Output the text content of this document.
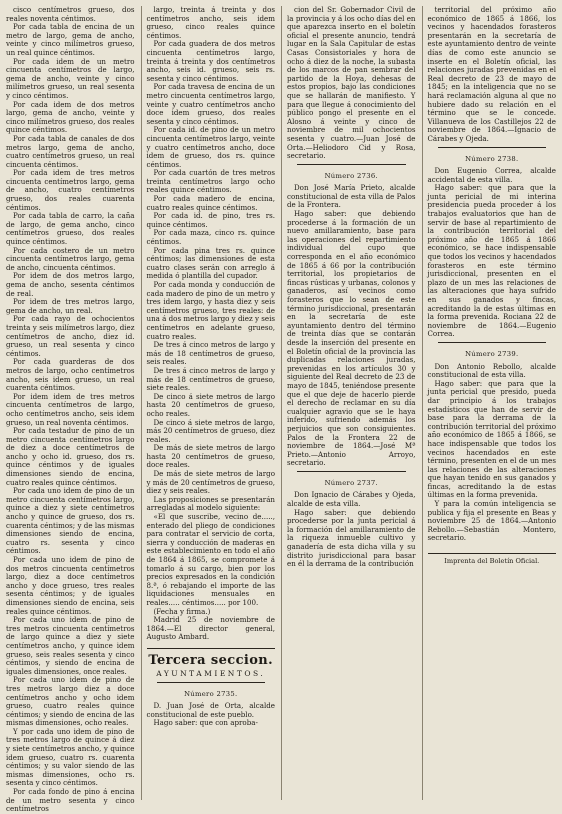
cisco centímetros grueso, dos reales noventa céntimos.

Por cada tabla de encina de un metro de largo, gema de ancho, veinte y cinco milímetros grueso, un real quince céntimos.

Por cada idem de un metro cincuenta centímetros de largo, gema de ancho, veinte y cinco milímetros grueso, un real sesenta y cinco céntimos.

Por cada idem de dos metros largo, gema de ancho, veinte y cinco milímetros grueso, dos reales quince céntimos.

Por cada tabla de canales de dos metros largo, gema de ancho, cuatro centímetros grueso, un real cincuenta céntimos.

Por cada idem de tres metros cincuenta centímetros largo, gema de ancho, cuatro centímetros grueso, dos reales cuarenta céntimos.

Por cada tabla de carro, la caña de largo, de gema ancho, cinco centímetros grueso, dos reales quince céntimos.

Por cada costero de un metro cincuenta centímetros largo, gema de ancho, cincuenta céntimos.

Por idem de dos metros largo, gema de ancho, sesenta céntimos de real.

Por idem de tres metros largo, gema de ancho, un real.

Por cada rayo de ochocientos treinta y seis milímetros largo, diez centímetros de ancho, diez id. grueso, un real sesenta y cinco céntimos.

Por cada guarderas de dos metros de largo, ocho centímetros ancho, seis idem grueso, un real cuarenta céntimos.

Por idem idem de tres metros cincuenta centímetros de largo, ocho centímetros ancho, seis idem grueso, un real noventa céntimos.

Por cada testadur de pino de un metro cincuenta centímetros largo de diez a doce centímetros de ancho y ocho id. grueso, dos rs. quince céntimos y de iguales dimensiones siendo de encina, cuatro reales quince céntimos.

Por cada uno idem de pino de un metro cincuenta centímetros largo, quince a diez y siete centímetros ancho y quince de grueso, dos rs. cuarenta céntimos; y de las mismas dimensiones siendo de encina, cuatro rs. sesenta y cinco céntimos.

Por cada uno idem de pino de dos metros cincuenta centímetros largo, diez a doce centímetros ancho y doce grueso, tres reales sesenta céntimos; y de iguales dimensiones siendo de encina, seis reales quince céntimos.

Por cada uno idem de pino de tres metros cincuenta centímetros de largo quince a diez y siete centímetros ancho, y quince idem grueso, seis reales sesenta y cinco céntimos, y siendo de encina de iguales dimensiones, once reales.

Por cada uno idem de pino de tres metros largo diez a doce centímetros ancho y ocho idem grueso, cuatro reales quince céntimos; y siendo de encina de las mismas dimensiones, ocho reales.

Y por cada uno idem de pino de tres metros largo de quince á diez y siete centímetros ancho, y quince idem grueso, cuatro rs. cuarenta céntimos; y su valor siendo de las mismas dimensiones, ocho rs. sesenta y cinco céntimos.

Por cada fondo de pino á encina de un metro sesenta y cinco centímetros

largo, treinta á treinta y dos centímetros ancho, seis idem grueso, cinco reales quince céntimos.

Por cada guadera de dos metros cincuenta centímetros largo, treinta á treinta y dos centímetros ancho, seis id. grueso, seis rs. sesenta y cinco céntimos.

Por cada travesa de encina de un metro cincuenta centímetros largo, veinte y cuatro centímetros ancho doce idem grueso, dos reales sesenta y cinco céntimos.

Por cada id. de pino de un metro cincuenta centímetros largo, veinte y cuatro centímetros ancho, doce idem de grueso, dos rs. quince céntimos.

Por cada cuartón de tres metros treinta centímetros largo ocho reales quince céntimos.

Por cada madero de encina, cuatro reales quince céntimos.

Por cada id. de pino, tres rs. quince céntimos.

Por cada maza, cinco rs. quince céntimos.

Por cada pina tres rs. quince céntimos; las dimensiones de esta cuatro clases serán con arreglo á medida ó plantilla del cupador.

Por cada monda y conducción de cada madero de pino de un metro y tres idem largo, y hasta diez y seis centímetros grueso, tres reales: de una á dos metros largo y diez y seis centímetros en adelante grueso, cuatro reales.

De tres á cinco metros de largo y más de 18 centímetros de grueso, seis reales.

De tres á cinco metros de largo y más de 18 centímetros de grueso, siete reales.

De cinco á siete metros de largo hasta 20 centímetros de grueso, ocho reales.

De cinco á siete metros de largo, más 20 centímetros de grueso, diez reales.

De más de siete metros de largo hasta 20 centímetros de grueso, doce reales.

De más de siete metros de largo y más de 20 centímetros de grueso, diez y seis reales.

Las proposiciones se presentarán arregladas al modelo siguiente:

«El que suscribe, vecino de....., enterado del pliego de condiciones para contratar el servicio de corta, sierra y conducción de maderas en este establecimiento en todo el año de 1864 á 1865, se compromete á tomarlo á su cargo, bien por los precios expresados en la condición 8.ª, ó rebajando el importe de las liquidaciones mensuales en reales..... céntimos..... por 100.

(Fecha y firma.)

Madrid 25 de noviembre de 1864.—El director general, Augusto Ambard.

Tercera seccion.
AYUNTAMIENTOS.
Número 2735.

D. Juan José de Orta, alcalde constitucional de este pueblo.

Hago saber: que con aproba-

cion del Sr. Gobernador Civil de la provincia y á los ocho días del en que aparezca inserto en el boletín oficial el presente anuncio, tendrá lugar en la Sala Capitular de estas Casas Consistoriales y hora de ocho á diez de la noche, la subasta de los marcos de pan sembrar del partido de la Hoya, dehesas de estos propios, bajo las condiciones que se hallarán de manifiesto. Y para que llegue á conocimiento del público pongo el presente en el Alosno á veinte y cinco de noviembre de mil ochocientos sesenta y cuatro.—Juan José de Orta.—Heliodoro Cid y Rosa, secretario.

Número 2736.

Don José María Prieto, alcalde constitucional de esta villa de Palos de la Frontera.

Hago saber: que debiendo procederse á la formación de un nuevo amillaramiento, base para las operaciones del repartimiento individual del cupo que corresponda en el año económico de 1865 á 66 por la contribución territorial, los propietarios de fincas rústicas y urbanas, colonos y ganaderos, así vecinos como forasteros que lo sean de este término jurisdiccional, presentarán en la secretaría de este ayuntamiento dentro del término de treinta días que se contarán desde la inserción del presente en el Boletín oficial de la provincia las duplicadas relaciones juradas, prevenidas en los artículos 30 y siguiente del Real decreto de 23 de mayo de 1845, teniéndose presente que el que deje de hacerlo pierde el derecho de reclamar en su día cualquier agravio que se le haya inferido, sufriendo además los perjuicios que son consiguientes. Palos de la Frontera 22 de noviembre de 1864.—José Mª Prieto.—Antonio Arroyo, secretario.

Número 2737.

Don Ignacio de Cárabes y Ojeda, alcalde de esta villa.

Hago saber: que debiendo procederse por la junta pericial á la formación del amillaramiento de la riqueza inmueble cultivo y ganadería de esta dicha villa y su distrito jurisdiccional para basar en él la derrama de la contribución

territorial del próximo año económico de 1865 á 1866, los vecinos y hacendados forasteros presentarán en la secretaría de este ayuntamiento dentro de veinte días de como este anuncio se inserte en el Boletín oficial, las relaciones juradas prevenidas en el Real decreto de 23 de mayo de 1845; en la inteligencia que no se hará reclamación alguna al que no hubiere dado su relación en el término que se le concede. Villanueva de los Castillejos 22 de noviembre de 1864.—Ignacio de Cárabes y Ojeda.

Número 2738.

Don Eugenio Correa, alcalde accidental de esta villa.

Hago saber: que para que la junta pericial de mi interina presidencia pueda proceder á los trabajos evaluatorios que han de servir de base al repartimiento de la contribución territorial del próximo año de 1865 á 1866 económico, se hace indispensable que todos los vecinos y hacendados forasteros en este término jurisdiccional, presenten en el plazo de un mes las relaciones de las alteraciones que haya sufrido en sus ganados y fincas, acreditando la de estas últimas en la forma prevenida. Rociana 22 de noviembre de 1864.—Eugenio Correa.

Número 2739.

Don Antonio Rebollo, alcalde constitucional de esta villa.

Hago saber: que para que la junta pericial que presido, pueda dar principio á los trabajos estadísticos que han de servir de base para la derrama de la contribución territorial del próximo año económico de 1865 á 1866, se hace indispensable que todos los vecinos hacendados en este término, presenten en el de un mes las relaciones de las alteraciones que hayan tenido en sus ganados y fincas, acreditando la de estas últimas en la forma prevenida.

Y para la común inteligencia se publica y fija el presente en Beas y noviembre 25 de 1864.—Antonio Rebollo.—Sebastián Montero, secretario.

Imprenta del Boletín Oficial.
